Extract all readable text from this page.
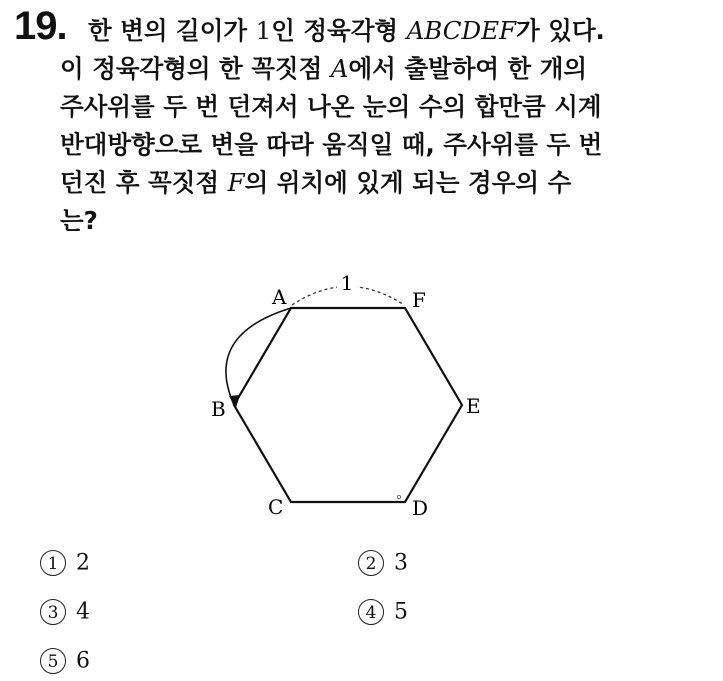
19. 한 변의 길이가 1인 정육각형 ABCDEF가 있다.
이 정육각형의 한 꼭짓점 A에서 출발하여 한 개의
주사위를 두 번 던져서 나온 눈의 수의 합만큼 시계
반대방향으로 변을 따라 움직일 때, 주사위를 두 번
던진 후 꼭짓점 F의 위치에 있게 되는 경우의 수
는?
1
A	F
B	E
C	D
1 2	2 3
3 4	4 5
5 6
